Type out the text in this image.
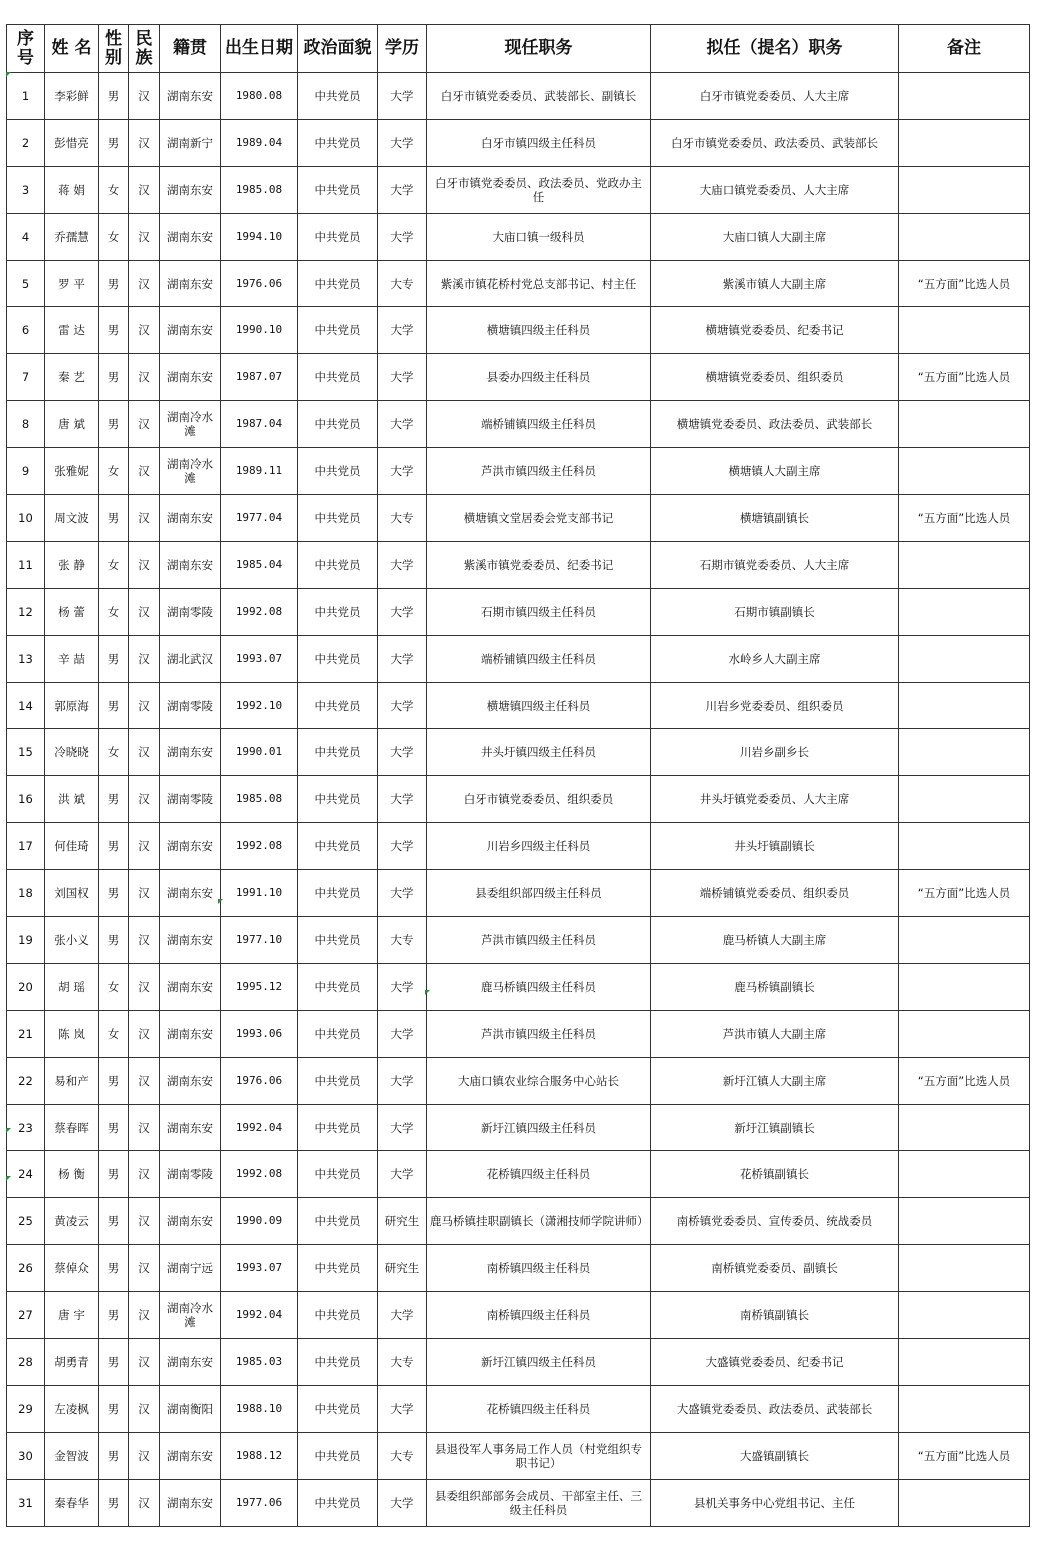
序号	姓 名	性别	民族	籍贯	出生日期	政治面貌	学历	现任职务	拟任（提名）职务	备注
1	李彩鲜	男	汉	湖南东安	1980.08	中共党员	大学	白牙市镇党委委员、武装部长、副镇长	白牙市镇党委委员、人大主席	
2	彭惜亮	男	汉	湖南新宁	1989.04	中共党员	大学	白牙市镇四级主任科员	白牙市镇党委委员、政法委员、武装部长	
3	蒋 娟	女	汉	湖南东安	1985.08	中共党员	大学	白牙市镇党委委员、政法委员、党政办主任	大庙口镇党委委员、人大主席	
4	乔孺慧	女	汉	湖南东安	1994.10	中共党员	大学	大庙口镇一级科员	大庙口镇人大副主席	
5	罗 平	男	汉	湖南东安	1976.06	中共党员	大专	紫溪市镇花桥村党总支部书记、村主任	紫溪市镇人大副主席	“五方面”比选人员
6	雷 达	男	汉	湖南东安	1990.10	中共党员	大学	横塘镇四级主任科员	横塘镇党委委员、纪委书记	
7	秦 艺	男	汉	湖南东安	1987.07	中共党员	大学	县委办四级主任科员	横塘镇党委委员、组织委员	“五方面”比选人员
8	唐 斌	男	汉	湖南冷水滩	1987.04	中共党员	大学	端桥铺镇四级主任科员	横塘镇党委委员、政法委员、武装部长	
9	张雅妮	女	汉	湖南冷水滩	1989.11	中共党员	大学	芦洪市镇四级主任科员	横塘镇人大副主席	
10	周文波	男	汉	湖南东安	1977.04	中共党员	大专	横塘镇文堂居委会党支部书记	横塘镇副镇长	“五方面”比选人员
11	张 静	女	汉	湖南东安	1985.04	中共党员	大学	紫溪市镇党委委员、纪委书记	石期市镇党委委员、人大主席	
12	杨 蕾	女	汉	湖南零陵	1992.08	中共党员	大学	石期市镇四级主任科员	石期市镇副镇长	
13	辛 喆	男	汉	湖北武汉	1993.07	中共党员	大学	端桥铺镇四级主任科员	水岭乡人大副主席	
14	郭原海	男	汉	湖南零陵	1992.10	中共党员	大学	横塘镇四级主任科员	川岩乡党委委员、组织委员	
15	冷晓晓	女	汉	湖南东安	1990.01	中共党员	大学	井头圩镇四级主任科员	川岩乡副乡长	
16	洪 斌	男	汉	湖南零陵	1985.08	中共党员	大学	白牙市镇党委委员、组织委员	井头圩镇党委委员、人大主席	
17	何佳琦	男	汉	湖南东安	1992.08	中共党员	大学	川岩乡四级主任科员	井头圩镇副镇长	
18	刘国权	男	汉	湖南东安	1991.10	中共党员	大学	县委组织部四级主任科员	端桥铺镇党委委员、组织委员	“五方面”比选人员
19	张小义	男	汉	湖南东安	1977.10	中共党员	大专	芦洪市镇四级主任科员	鹿马桥镇人大副主席	
20	胡 瑶	女	汉	湖南东安	1995.12	中共党员	大学	鹿马桥镇四级主任科员	鹿马桥镇副镇长	
21	陈 岚	女	汉	湖南东安	1993.06	中共党员	大学	芦洪市镇四级主任科员	芦洪市镇人大副主席	
22	易和产	男	汉	湖南东安	1976.06	中共党员	大学	大庙口镇农业综合服务中心站长	新圩江镇人大副主席	“五方面”比选人员
23	蔡春晖	男	汉	湖南东安	1992.04	中共党员	大学	新圩江镇四级主任科员	新圩江镇副镇长	
24	杨 衡	男	汉	湖南零陵	1992.08	中共党员	大学	花桥镇四级主任科员	花桥镇副镇长	
25	黄凌云	男	汉	湖南东安	1990.09	中共党员	研究生	鹿马桥镇挂职副镇长（潇湘技师学院讲师）	南桥镇党委委员、宣传委员、统战委员	
26	蔡倬众	男	汉	湖南宁远	1993.07	中共党员	研究生	南桥镇四级主任科员	南桥镇党委委员、副镇长	
27	唐 宇	男	汉	湖南冷水滩	1992.04	中共党员	大学	南桥镇四级主任科员	南桥镇副镇长	
28	胡勇青	男	汉	湖南东安	1985.03	中共党员	大专	新圩江镇四级主任科员	大盛镇党委委员、纪委书记	
29	左凌枫	男	汉	湖南衡阳	1988.10	中共党员	大学	花桥镇四级主任科员	大盛镇党委委员、政法委员、武装部长	
30	金智波	男	汉	湖南东安	1988.12	中共党员	大专	县退役军人事务局工作人员（村党组织专职书记）	大盛镇副镇长	“五方面”比选人员
31	秦春华	男	汉	湖南东安	1977.06	中共党员	大学	县委组织部部务会成员、干部室主任、三级主任科员	县机关事务中心党组书记、主任	
